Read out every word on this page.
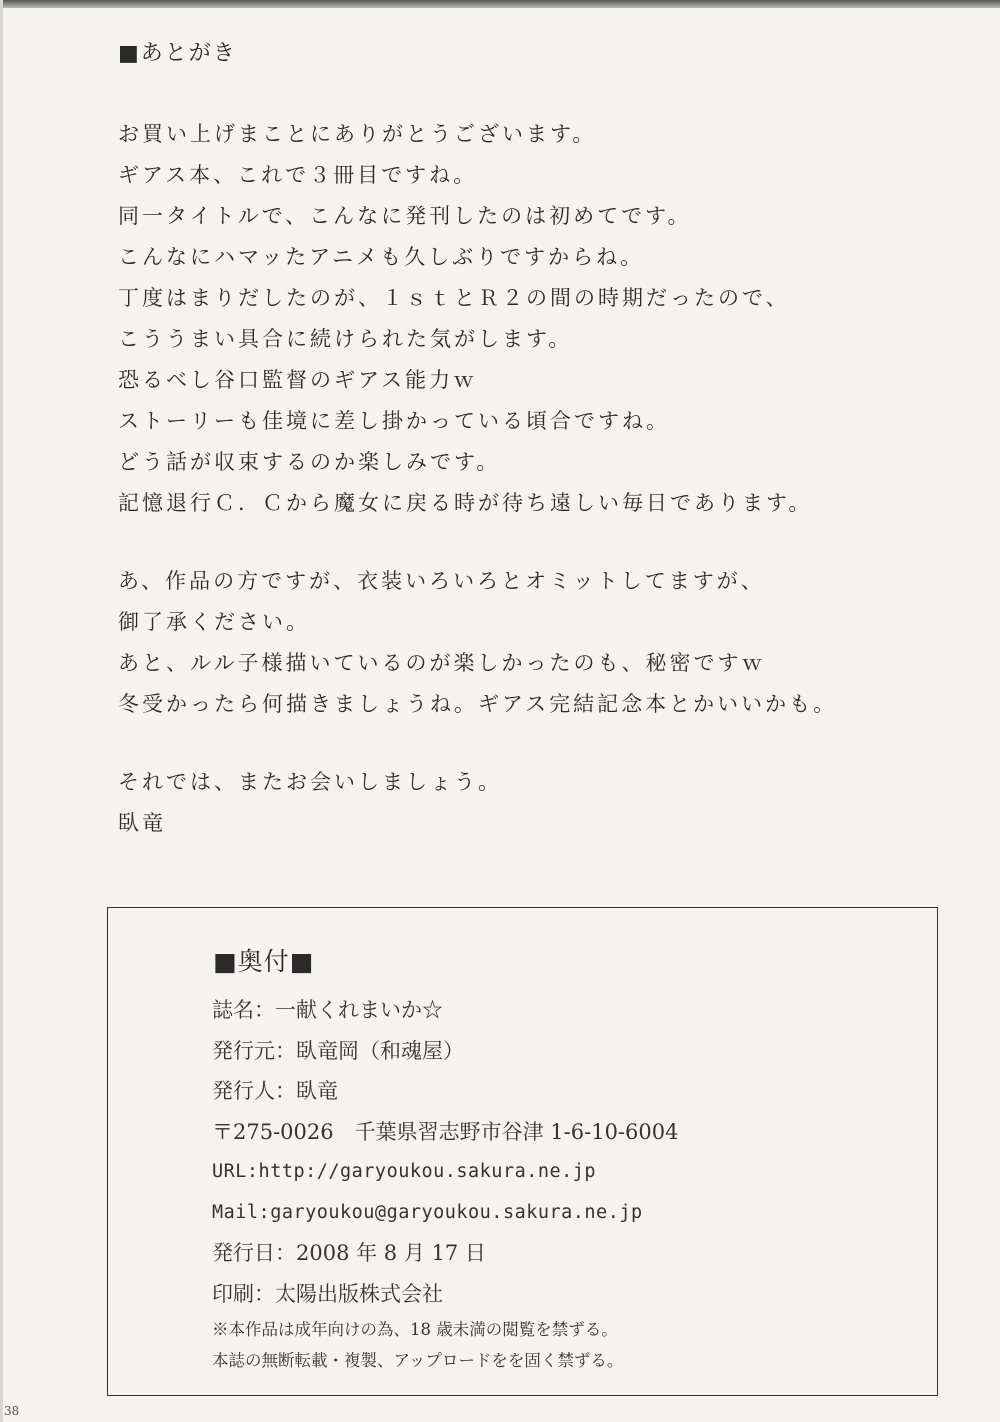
■あとがき
お買い上げまことにありがとうございます。
ギアス本、これで３冊目ですね。
同一タイトルで、こんなに発刊したのは初めてです。
こんなにハマッたアニメも久しぶりですからね。
丁度はまりだしたのが、１ｓｔとＲ２の間の時期だったので、
こううまい具合に続けられた気がします。
恐るべし谷口監督のギアス能力ｗ
ストーリーも佳境に差し掛かっている頃合ですね。
どう話が収束するのか楽しみです。
記憶退行Ｃ．Ｃから魔女に戻る時が待ち遠しい毎日であります。
あ、作品の方ですが、衣装いろいろとオミットしてますが、
御了承ください。
あと、ルル子様描いているのが楽しかったのも、秘密ですｗ
冬受かったら何描きましょうね。ギアス完結記念本とかいいかも。
それでは、またお会いしましょう。
臥竜
■奥付■
誌名：一献くれまいか☆
発行元：臥竜岡（和魂屋）
発行人：臥竜
〒275-0026　千葉県習志野市谷津 1-6-10-6004
URL:http://garyoukou.sakura.ne.jp
Mail:garyoukou@garyoukou.sakura.ne.jp
発行日：2008 年 8 月 17 日
印刷：太陽出版株式会社
※本作品は成年向けの為、18 歳未満の閲覧を禁ずる。
本誌の無断転載・複製、アップロードをを固く禁ずる。
38
